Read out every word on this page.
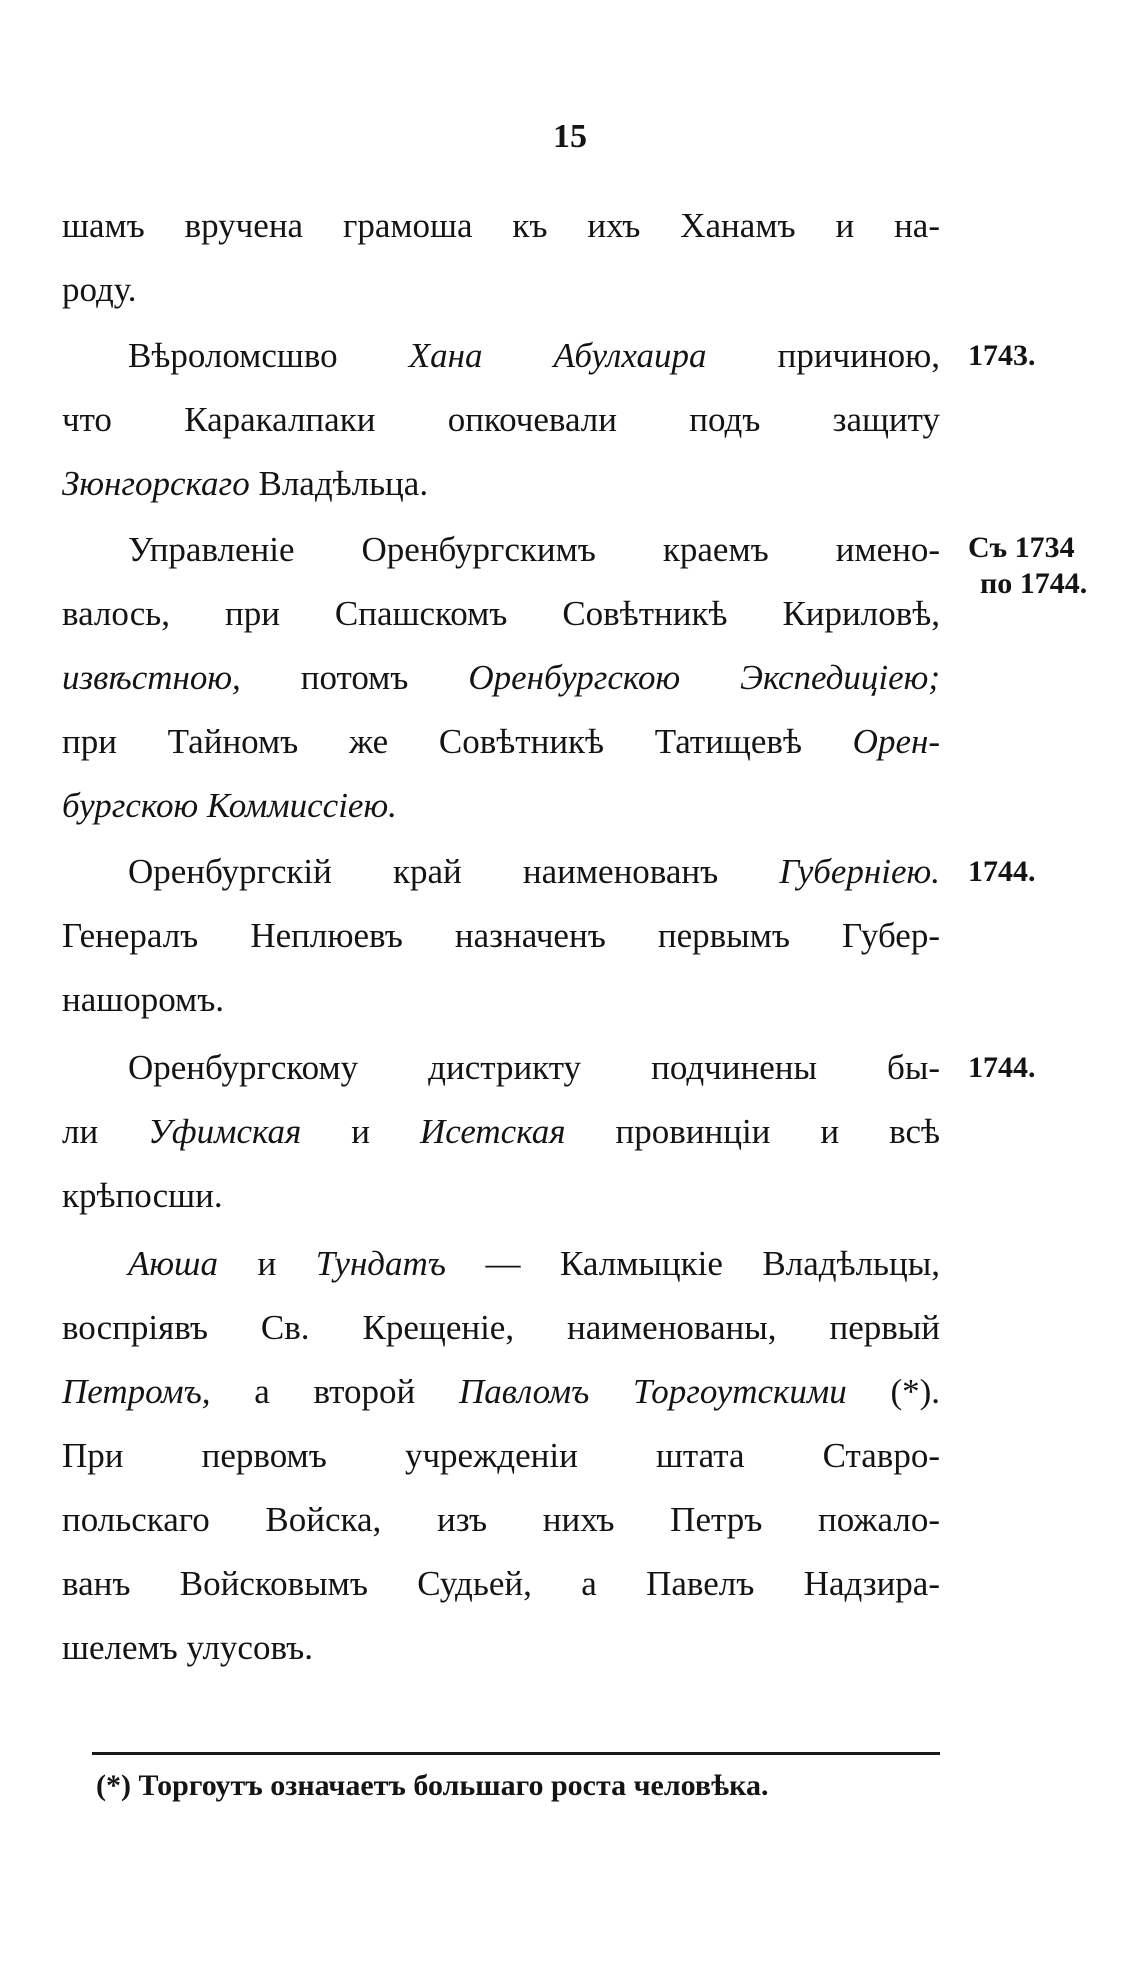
15
шамъ вручена грамоша къ ихъ Ханамъ и на-
роду.
Вѣроломсшво Хана Абулхаира причиною,
что Каракалпаки опкочевали подъ защиту
Зюнгорскаго Владѣльца.
Управленіе Оренбургскимъ краемъ имено-
валось, при Спашскомъ Совѣтникѣ Кириловѣ,
извѣстною, потомъ Оренбургскою Экспедиціею;
при Тайномъ же Совѣтникѣ Татищевѣ Орен-
бургскою Коммиссіею.
Оренбургскій край наименованъ Губерніею.
Генералъ Неплюевъ назначенъ первымъ Губер-
нашоромъ.
Оренбургскому дистрикту подчинены бы-
ли Уфимская и Исетская провинціи и всѣ
крѣпосши.
Аюша и Тундатъ — Калмыцкіе Владѣльцы,
воспріявъ Св. Крещеніе, наименованы, первый
Петромъ, а второй Павломъ Торгоутскими (*).
При первомъ учрежденіи штата Ставро-
польскаго Войска, изъ нихъ Петръ пожало-
ванъ Войсковымъ Судьей, а Павелъ Надзира-
шелемъ улусовъ.
1743.
Съ 1734
по 1744.
1744.
1744.
(*) Торгоутъ означаетъ большаго роста человѣка.
